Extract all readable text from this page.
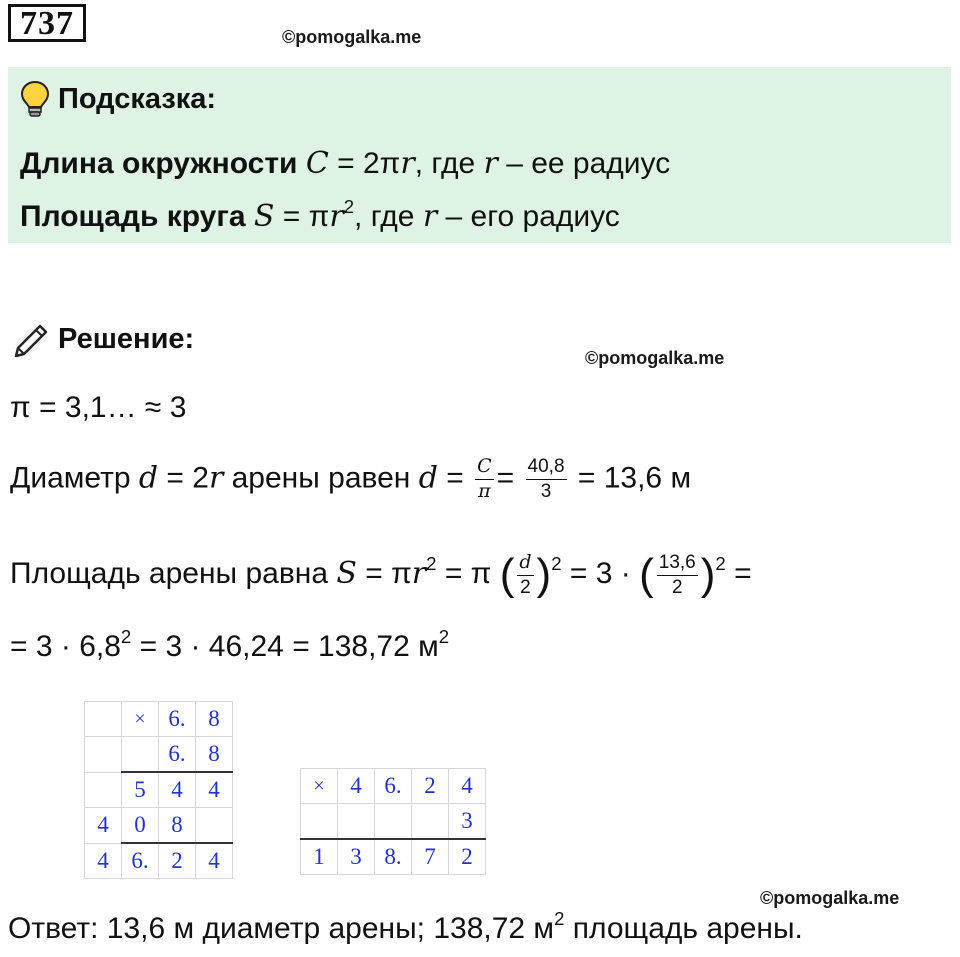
737	©pomogalka.me
Подсказка:
Длина окружности C = 2πr, где r – ее радиус
Площадь круга $S = \pi r^2$, где r – его радиус
Решение:
©pomogalka.me
π = 3,1… ≈ 3
Диаметр d = 2r арены равен $d = \frac{C}{\pi} = \frac{40,8}{3} = 13,6$ м
Площадь арены равна $S = \pi r^2 = \pi$ ( $\frac{d}{2} )^2 = 3$ · ( $\frac{13,6}{2} )^2$ =
= $3 \cdot 6,8^2 = 3 \cdot 46,24 = 138,72$ $м^2$
	×	6.	8
		6.	8
	5	4	4
4	0	8	
4	6.	2	4
×	4	6.	2	4
				3
1	3	8.	7	2
©pomogalka.me
Ответ: 13,6 м диаметр арены; 138,72 $м^2$ площадь арены.
